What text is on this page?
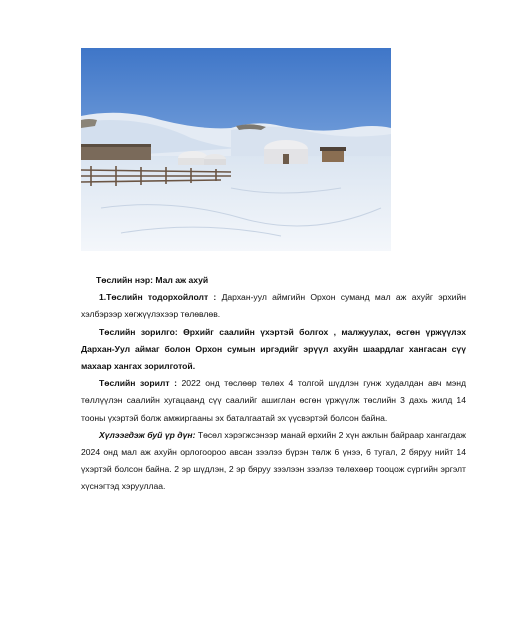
Төслийн нэр: Мал аж ахуй

1.Төслийн тодорхойлолт : Дархан-уул аймгийн Орхон сумaнд мал аж ахуйг эрхийн хэлбэрээр хөгжүүлэхээр төлөвлөв.

Төслийн зорилго: Өрхийг саалийн үхэртэй болгох , малжуулах, өсгөн үржүүлэх Дархан-Уул аймаг болон Орхон сумын иргэдийг эрүүл ахуйн шаардлаг хангасан сүү махаар хангах зорилготой.

Төслийн зорилт : 2022 онд төслөөр төлөх 4 толгой шүдлэн гунж худалдан авч мэнд төллүүлэн саалийн хугацаанд сүү саалийг ашиглан өсгөн үржүүлж төслийн 3 дахь жилд 14 тооны үхэртэй болж амжиргааны эх баталгаатай эх үүсвэртэй болсон байна.

Хүлээгдэж буй үр дүн: Төсөл хэрэгжсэнээр манай өрхийн 2 хүн ажлын байраар хангагдаж 2024 онд мал аж ахуйн орлогоороо авсан зээлээ бүрэн төлж 6 үнээ, 6 тугал, 2 бяруу нийт 14 үхэртэй болсон байна. 2 эр шүдлэн, 2 эр бяруу зээлээн зээлээ төлөхөөр тооцож сүргийн эргэлт хүснэгтэд хэрууллаа.
